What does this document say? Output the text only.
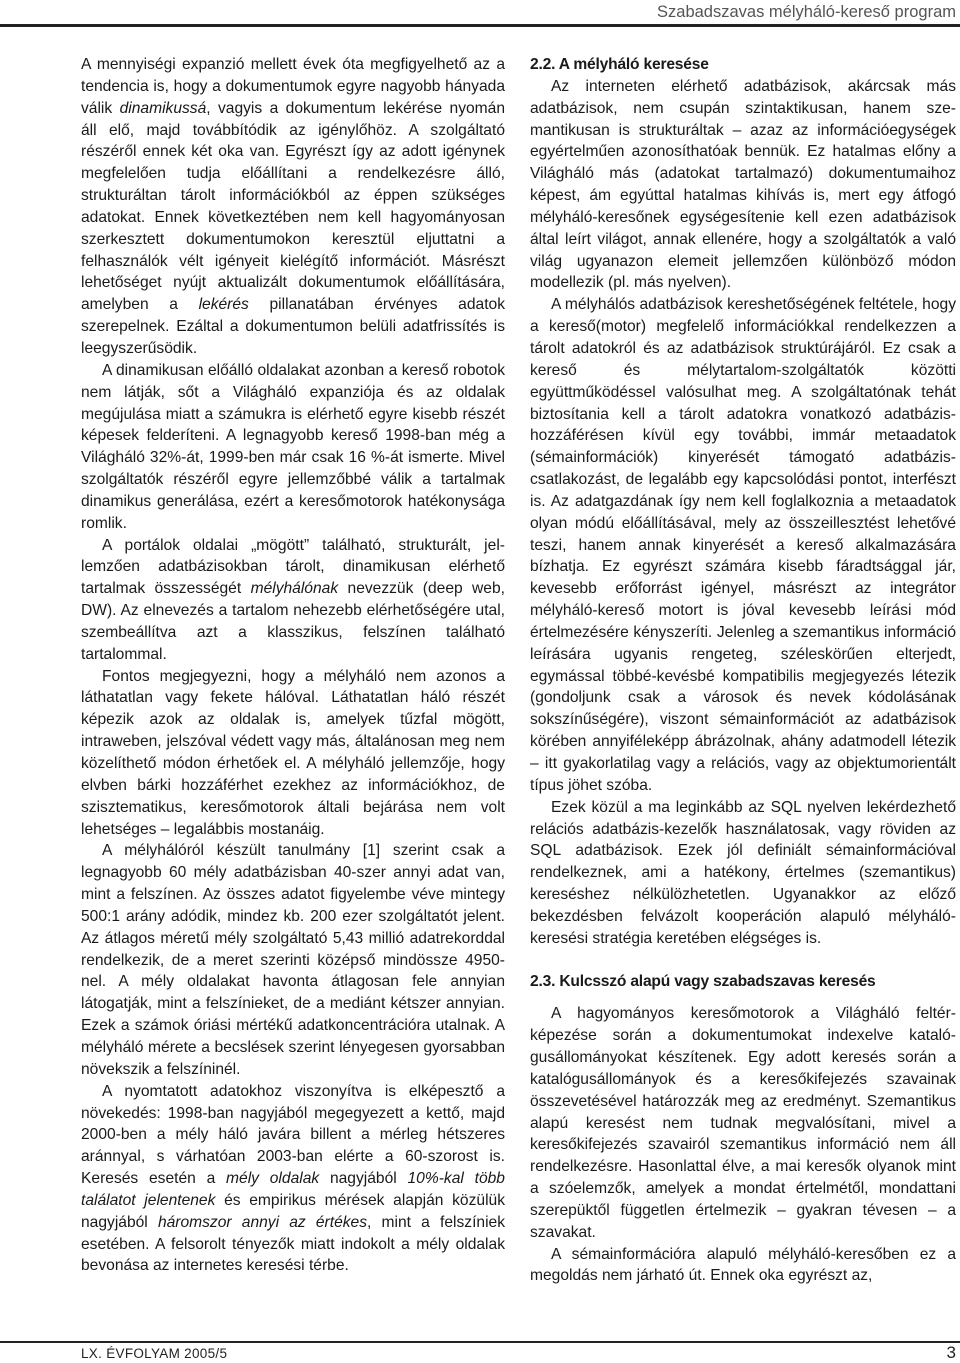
Szabadszavas mélyháló-kereső program

A mennyiségi expanzió mellett évek óta megfigyelhető az a tendencia is, hogy a dokumentumok egyre nagyobb hányada válik dinamikussá, vagyis a dokumentum lekérése nyomán áll elő, majd továbbítódik az igénylőhöz. A szolgáltató részéről ennek két oka van. Egyrészt így az adott igénynek megfelelően tudja előállítani a rendelkezésre álló, strukturáltan tárolt információkból az éppen szükséges adatokat. Ennek következtében nem kell hagyományosan szerkesztett dokumentumokon keresztül eljuttatni a felhasználók vélt igényeit kielégítő információt. Másrészt lehetőséget nyújt aktualizált dokumentumok előállítására, amelyben a lekérés pillanatában érvényes adatok szerepelnek. Ezáltal a dokumentumon belüli adatfrissítés is leegyszerűsödik.

A dinamikusan előálló oldalakat azonban a kereső robotok nem látják, sőt a Világháló expanziója és az oldalak megújulása miatt a számukra is elérhető egyre kisebb részét képesek felderíteni. A legnagyobb kereső 1998-ban még a Világháló 32%-át, 1999-ben már csak 16 %-át ismerte. Mivel szolgáltatók részéről egyre jellemzőbbé válik a tartalmak dinamikus generálása, ezért a keresőmotorok hatékonysága romlik.

A portálok oldalai „mögött” található, strukturált, jellemzően adatbázisokban tárolt, dinamikusan elérhető tartalmak összességét mélyhálónak nevezzük (deep web, DW). Az elnevezés a tartalom nehezebb elérhetőségére utal, szembeállítva azt a klasszikus, felszínen található tartalommal.

Fontos megjegyezni, hogy a mélyháló nem azonos a láthatatlan vagy fekete hálóval. Láthatatlan háló részét képezik azok az oldalak is, amelyek tűzfal mögött, intraweben, jelszóval védett vagy más, általánosan meg nem közelíthető módon érhetőek el. A mélyháló jellemzője, hogy elvben bárki hozzáférhet ezekhez az információkhoz, de szisztematikus, keresőmotorok általi bejárása nem volt lehetséges – legalábbis mostanáig.

A mélyhálóról készült tanulmány [1] szerint csak a legnagyobb 60 mély adatbázisban 40-szer annyi adat van, mint a felszínen. Az összes adatot figyelembe véve mintegy 500:1 arány adódik, mindez kb. 200 ezer szolgáltatót jelent. Az átlagos méretű mély szolgáltató 5,43 millió adatrekorddal rendelkezik, de a meret szerinti középső mindössze 4950-nel. A mély oldalakat havonta átlagosan fele annyian látogatják, mint a felszínieket, de a mediánt kétszer annyian. Ezek a számok óriási mértékű adatkoncentrációra utalnak. A mélyháló mérete a becslések szerint lényegesen gyorsabban növekszik a felszíninél.

A nyomtatott adatokhoz viszonyítva is elképesztő a növekedés: 1998-ban nagyjából megegyezett a kettő, majd 2000-ben a mély háló javára billent a mérleg hétszeres aránnyal, s várhatóan 2003-ban elérte a 60-szorost is. Keresés esetén a mély oldalak nagyjából 10%-kal több találatot jelentenek és empirikus mérések alapján közülük nagyjából háromszor annyi az értékes, mint a felszíniek esetében. A felsorolt tényezők miatt indokolt a mély oldalak bevonása az internetes keresési térbe.

2.2. A mélyháló keresése

Az interneten elérhető adatbázisok, akárcsak más adatbázisok, nem csupán szintaktikusan, hanem szemantikusan is strukturáltak – azaz az információegységek egyértelműen azonosíthatóak bennük. Ez hatalmas előny a Világháló más (adatokat tartalmazó) dokumentumaihoz képest, ám egyúttal hatalmas kihívás is, mert egy átfogó mélyháló-keresőnek egységesítenie kell ezen adatbázisok által leírt világot, annak ellenére, hogy a szolgáltatók a való világ ugyanazon elemeit jellemzően különböző módon modellezik (pl. más nyelven).

A mélyhálós adatbázisok kereshetőségének feltétele, hogy a kereső(motor) megfelelő információkkal rendelkezzen a tárolt adatokról és az adatbázisok struktúrájáról. Ez csak a kereső és mélytartalom-szolgáltatók közötti együttműködéssel valósulhat meg. A szolgáltatónak tehát biztosítania kell a tárolt adatokra vonatkozó adatbázis-hozzáférésen kívül egy további, immár metaadatok (sémainformációk) kinyerését támogató adatbázis-csatlakozást, de legalább egy kapcsolódási pontot, interfészt is. Az adatgazdának így nem kell foglalkoznia a metaadatok olyan módú előállításával, mely az összeillesztést lehetővé teszi, hanem annak kinyerését a kereső alkalmazására bízhatja. Ez egyrészt számára kisebb fáradtsággal jár, kevesebb erőforrást igényel, másrészt az integrátor mélyháló-kereső motort is jóval kevesebb leírási mód értelmezésére kényszeríti. Jelenleg a szemantikus információ leírására ugyanis rengeteg, széleskörűen elterjedt, egymással többé-kevésbé kompatibilis megjegyezés létezik (gondoljunk csak a városok és nevek kódolásának sokszínűségére), viszont sémainformációt az adatbázisok körében annyiféleképp ábrázolnak, ahány adatmodell létezik – itt gyakorlatilag vagy a relációs, vagy az objektumorientált típus jöhet szóba.

Ezek közül a ma leginkább az SQL nyelven lekérdezhető relációs adatbázis-kezelők használatosak, vagy röviden az SQL adatbázisok. Ezek jól definiált sémainformációval rendelkeznek, ami a hatékony, értelmes (szemantikus) kereséshez nélkülözhetetlen. Ugyanakkor az előző bekezdésben felvázolt kooperáción alapuló mélyháló-keresési stratégia keretében elégséges is.

2.3. Kulcsszó alapú vagy szabadszavas keresés

A hagyományos keresőmotorok a Világháló feltérképezése során a dokumentumokat indexelve katalógusállományokat készítenek. Egy adott keresés során a katalógusállományok és a keresőkifejezés szavainak összevetésével határozzák meg az eredményt. Szemantikus alapú keresést nem tudnak megvalósítani, mivel a keresőkifejezés szavairól szemantikus információ nem áll rendelkezésre. Hasonlattal élve, a mai keresők olyanok mint a szóelemzők, amelyek a mondat értelmétől, mondattani szerepüktől független értelmezik – gyakran tévesen – a szavakat.

A sémainformációra alapuló mélyháló-keresőben ez a megoldás nem járható út. Ennek oka egyrészt az,

LX. ÉVFOLYAM 2005/5	3
